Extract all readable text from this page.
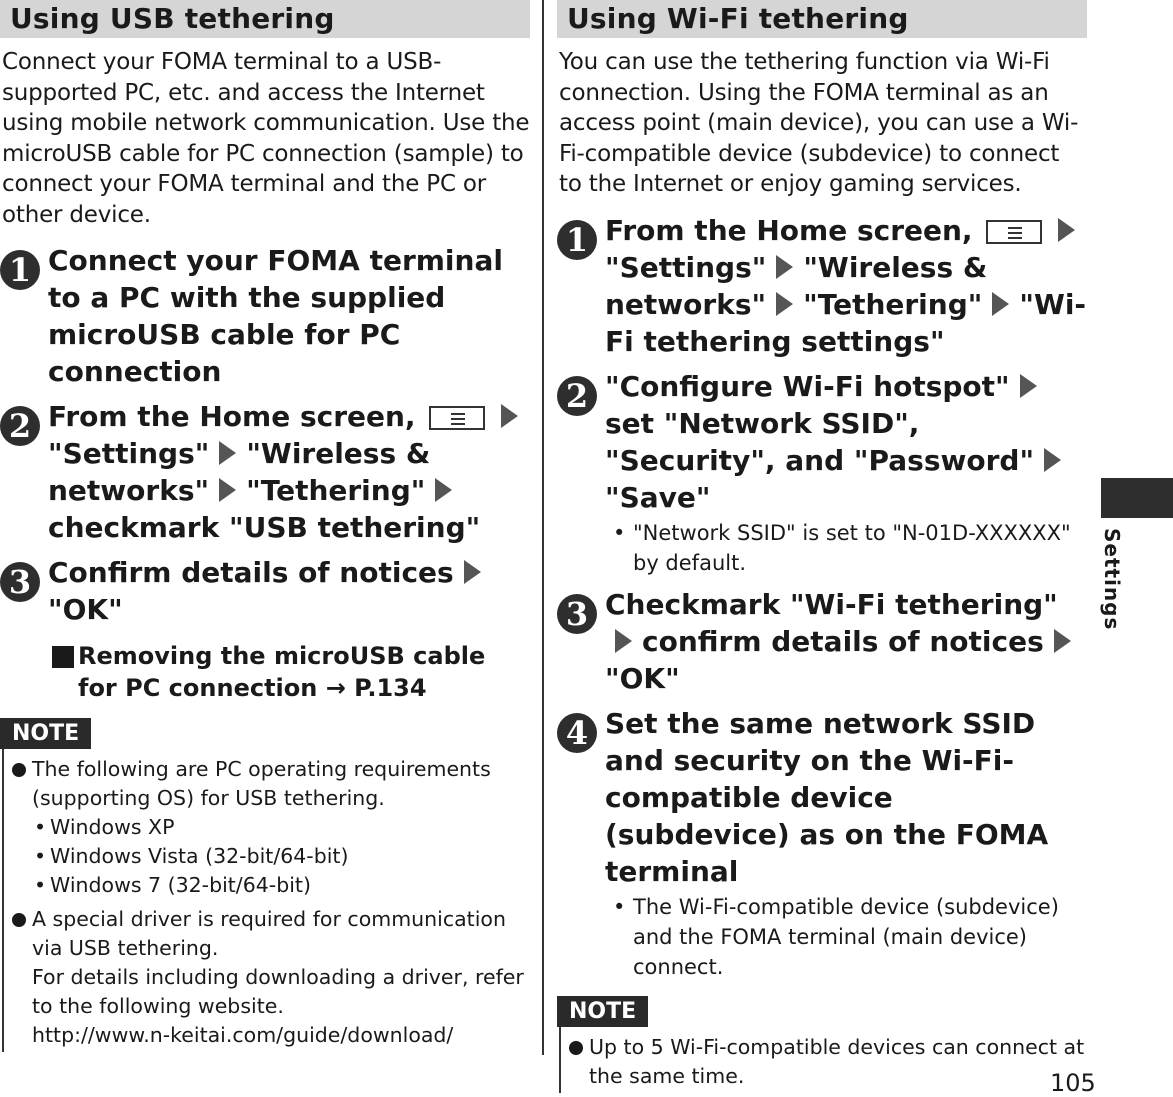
Using USB tethering
Connect your FOMA terminal to a USB-supported PC, etc. and access the Internet using mobile network communication. Use the microUSB cable for PC connection (sample) to connect your FOMA terminal and the PC or other device.
1 Connect your FOMA terminal to a PC with the supplied microUSB cable for PC connection
2 From the Home screen,

"Settings" "Wireless & networks" "Tethering"checkmark "USB tethering"
3 Confirm details of notices
"OK"
Removing the microUSB cable for PC connection → P.134
NOTE
The following are PC operating requirements (supporting OS) for USB tethering.
• Windows XP
• Windows Vista (32-bit/64-bit)
• Windows 7 (32-bit/64-bit)
A special driver is required for communication via USB tethering.
For details including downloading a driver, refer to the following website.
http://www.n-keitai.com/guide/download/
Using Wi-Fi tethering
You can use the tethering function via Wi-Fi connection. Using the FOMA terminal as an access point (main device), you can use a Wi-Fi-compatible device (subdevice) to connect to the Internet or enjoy gaming services.
1 From the Home screen,

"Settings" "Wireless & networks" "Tethering" "Wi-Fi tethering settings"
2 "Configure Wi-Fi hotspot"set "Network SSID", "Security", and "Password""Save"
• "Network SSID" is set to "N-01D-XXXXXX" by default.
3 Checkmark "Wi-Fi tethering"confirm details of notices"OK"
4 Set the same network SSID and security on the Wi-Fi-compatible device (subdevice) as on the FOMA terminal
• The Wi-Fi-compatible device (subdevice) and the FOMA terminal (main device) connect.
NOTE
Up to 5 Wi-Fi-compatible devices can connect at the same time.
Settings
105
